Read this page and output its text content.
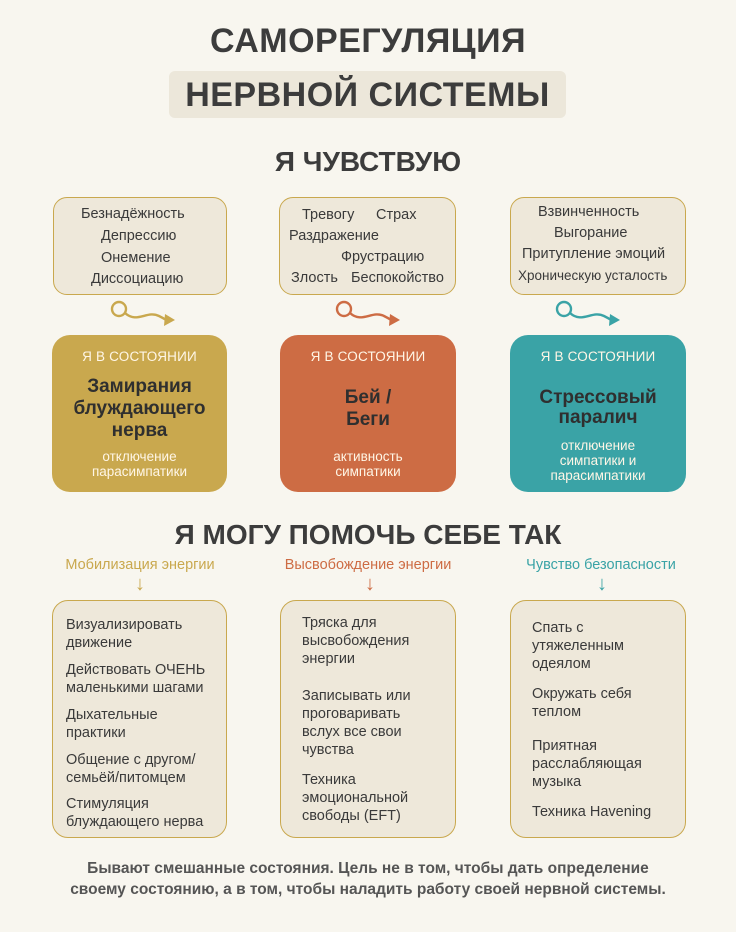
САМОРЕГУЛЯЦИЯ
НЕРВНОЙ СИСТЕМЫ
Я ЧУВСТВУЮ
Безнадёжность
Депрессию
Онемение
Диссоциацию
Тревогу Страх
Раздражение
Фрустрацию
Злость Беспокойство
Взвинченность
Выгорание
Притупление эмоций
Хроническую усталость
Я В СОСТОЯНИИ
Замирания
блуждающего
нерва
отключение
парасимпатики
Я В СОСТОЯНИИ
Бей /
Беги
активность
симпатики
Я В СОСТОЯНИИ
Стрессовый
паралич
отключение
симпатики и
парасимпатики
Я МОГУ ПОМОЧЬ СЕБЕ ТАК
Мобилизация энергии
↓
Высвобождение энергии
↓
Чувство безопасности
↓
Визуализировать
движение
Действовать ОЧЕНЬ
маленькими шагами
Дыхательные
практики
Общение с другом/
семьёй/питомцем
Стимуляция
блуждающего нерва
Тряска для
высвобождения
энергии
Записывать или
проговаривать
вслух все свои
чувства
Техника
эмоциональной
свободы (EFT)
Спать с
утяжеленным
одеялом
Окружать себя
теплом
Приятная
расслабляющая
музыка
Техника Havening
Бывают смешанные состояния. Цель не в том, чтобы дать определение своему состоянию, а в том, чтобы наладить работу своей нервной системы.
